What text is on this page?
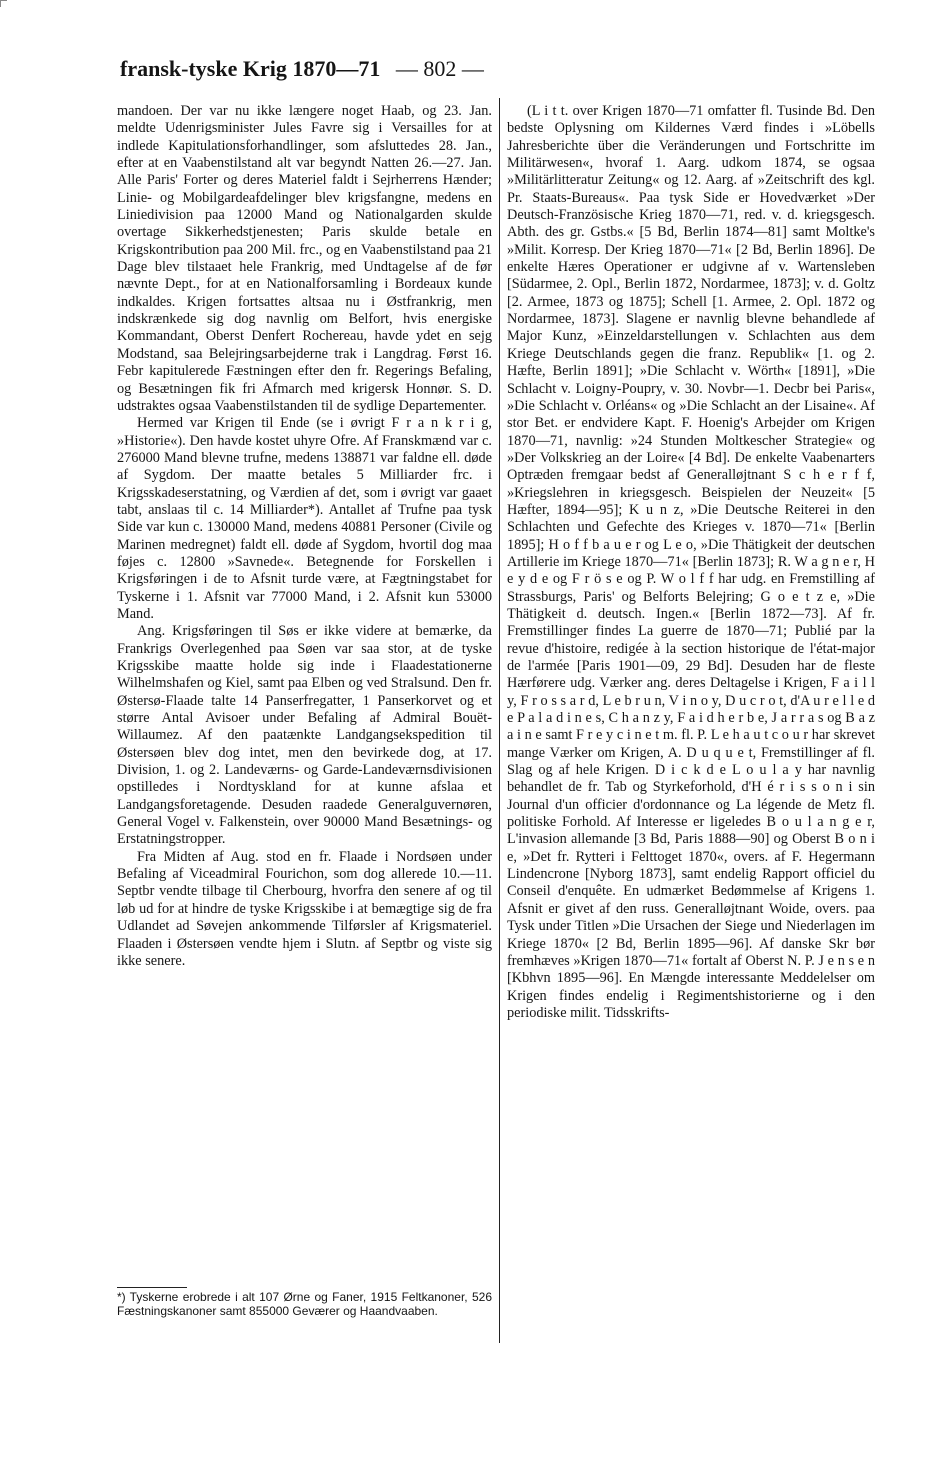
fransk-tyske Krig 1870—71 — 802 —

mandoen. Der var nu ikke længere noget Haab, og 23. Jan. meldte Udenrigsminister Jules Favre sig i Versailles for at indlede Kapitulationsforhandlinger, som afsluttedes 28. Jan., efter at en Vaabenstilstand alt var begyndt Natten 26.—27. Jan. Alle Paris' Forter og deres Materiel faldt i Sejrherrens Hænder; Linie- og Mobilgardeafdelinger blev krigsfangne, medens en Liniedivision paa 12000 Mand og Nationalgarden skulde overtage Sikkerhedstjenesten; Paris skulde betale en Krigskontribution paa 200 Mil. frc., og en Vaabenstilstand paa 21 Dage blev tilstaaet hele Frankrig, med Undtagelse af de før nævnte Dept., for at en Nationalforsamling i Bordeaux kunde indkaldes. Krigen fortsattes altsaa nu i Østfrankrig, men indskrænkede sig dog navnlig om Belfort, hvis energiske Kommandant, Oberst Denfert Rochereau, havde ydet en sejg Modstand, saa Belejringsarbejderne trak i Langdrag. Først 16. Febr kapitulerede Fæstningen efter den fr. Regerings Befaling, og Besætningen fik fri Afmarch med krigersk Honnør. S. D. udstraktes ogsaa Vaabenstilstanden til de sydlige Departementer.

Hermed var Krigen til Ende (se i øvrigt F r a n k r i g, »Historie«). Den havde kostet uhyre Ofre. Af Franskmænd var c. 276000 Mand blevne trufne, medens 138871 var faldne ell. døde af Sygdom. Der maatte betales 5 Milliarder frc. i Krigsskadeserstatning, og Værdien af det, som i øvrigt var gaaet tabt, anslaas til c. 14 Milliarder*). Antallet af Trufne paa tysk Side var kun c. 130000 Mand, medens 40881 Personer (Civile og Marinen medregnet) faldt ell. døde af Sygdom, hvortil dog maa føjes c. 12800 »Savnede«. Betegnende for Forskellen i Krigsføringen i de to Afsnit turde være, at Fægtningstabet for Tyskerne i 1. Afsnit var 77000 Mand, i 2. Afsnit kun 53000 Mand.

Ang. Krigsføringen til Søs er ikke videre at bemærke, da Frankrigs Overlegenhed paa Søen var saa stor, at de tyske Krigsskibe maatte holde sig inde i Flaadestationerne Wilhelmshafen og Kiel, samt paa Elben og ved Stralsund. Den fr. Østersø-Flaade talte 14 Panserfregatter, 1 Panserkorvet og et større Antal Avisoer under Befaling af Admiral Bouët-Willaumez. Af den paatænkte Landgangsekspedition til Østersøen blev dog intet, men den bevirkede dog, at 17. Division, 1. og 2. Landeværns- og Garde-Landeværnsdivisionen opstilledes i Nordtyskland for at kunne afslaa et Landgangsforetagende. Desuden raadede Generalguvernøren, General Vogel v. Falkenstein, over 90000 Mand Besætnings- og Erstatningstropper.

Fra Midten af Aug. stod en fr. Flaade i Nordsøen under Befaling af Viceadmiral Fourichon, som dog allerede 10.—11. Septbr vendte tilbage til Cherbourg, hvorfra den senere af og til løb ud for at hindre de tyske Krigsskibe i at bemægtige sig de fra Udlandet ad Søvejen ankommende Tilførsler af Krigsmateriel. Flaaden i Østersøen vendte hjem i Slutn. af Septbr og viste sig ikke senere.

*) Tyskerne erobrede i alt 107 Ørne og Faner, 1915 Feltkanoner, 526 Fæstningskanoner samt 855000 Geværer og Haandvaaben.

(L i t t. over Krigen 1870—71 omfatter fl. Tusinde Bd. Den bedste Oplysning om Kildernes Værd findes i »Löbells Jahresberichte über die Veränderungen und Fortschritte im Militärwesen«, hvoraf 1. Aarg. udkom 1874, se ogsaa »Militärlitteratur Zeitung« og 12. Aarg. af »Zeitschrift des kgl. Pr. Staats-Bureaus«. Paa tysk Side er Hovedværket »Der Deutsch-Französische Krieg 1870—71, red. v. d. kriegsgesch. Abth. des gr. Gstbs.« [5 Bd, Berlin 1874—81] samt Moltke's »Milit. Korresp. Der Krieg 1870—71« [2 Bd, Berlin 1896]. De enkelte Hæres Operationer er udgivne af v. Wartensleben [Südarmee, 2. Opl., Berlin 1872, Nordarmee, 1873]; v. d. Goltz [2. Armee, 1873 og 1875]; Schell [1. Armee, 2. Opl. 1872 og Nordarmee, 1873]. Slagene er navnlig blevne behandlede af Major Kunz, »Einzeldarstellungen v. Schlachten aus dem Kriege Deutschlands gegen die franz. Republik« [1. og 2. Hæfte, Berlin 1891]; »Die Schlacht v. Wörth« [1891], »Die Schlacht v. Loigny-Poupry, v. 30. Novbr—1. Decbr bei Paris«, »Die Schlacht v. Orléans« og »Die Schlacht an der Lisaine«. Af stor Bet. er endvidere Kapt. F. Hoenig's Arbejder om Krigen 1870—71, navnlig: »24 Stunden Moltkescher Strategie« og »Der Volkskrieg an der Loire« [4 Bd]. De enkelte Vaabenarters Optræden fremgaar bedst af Generalløjtnant S c h e r f f, »Kriegslehren in kriegsgesch. Beispielen der Neuzeit« [5 Hæfter, 1894—95]; K u n z, »Die Deutsche Reiterei in den Schlachten und Gefechte des Krieges v. 1870—71« [Berlin 1895]; H o f f b a u e r og L e o, »Die Thätigkeit der deutschen Artillerie im Kriege 1870—71« [Berlin 1873]; R. W a g n e r, H e y d e og F r ö s e og P. W o l f f har udg. en Fremstilling af Strassburgs, Paris' og Belforts Belejring; G o e t z e, »Die Thätigkeit d. deutsch. Ingen.« [Berlin 1872—73]. Af fr. Fremstillinger findes La guerre de 1870—71; Publié par la revue d'histoire, redigée à la section historique de l'état-major de l'armée [Paris 1901—09, 29 Bd]. Desuden har de fleste Hærførere udg. Værker ang. deres Deltagelse i Krigen, F a i l l y, F r o s s a r d, L e b r u n, V i n o y, D u c r o t, d'A u r e l l e d e P a l a d i n e s, C h a n z y, F a i d h e r b e, J a r r a s og B a z a i n e samt F r e y c i n e t m. fl. P. L e h a u t c o u r har skrevet mange Værker om Krigen, A. D u q u e t, Fremstillinger af fl. Slag og af hele Krigen. D i c k d e L o u l a y har navnlig behandlet de fr. Tab og Styrkeforhold, d'H é r i s s o n i sin Journal d'un officier d'ordonnance og La légende de Metz fl. politiske Forhold. Af Interesse er ligeledes B o u l a n g e r, L'invasion allemande [3 Bd, Paris 1888—90] og Oberst B o n i e, »Det fr. Rytteri i Felttoget 1870«, overs. af F. Hegermann Lindencrone [Nyborg 1873], samt endelig Rapport officiel du Conseil d'enquête. En udmærket Bedømmelse af Krigens 1. Afsnit er givet af den russ. Generalløjtnant Woide, overs. paa Tysk under Titlen »Die Ursachen der Siege und Niederlagen im Kriege 1870« [2 Bd, Berlin 1895—96]. Af danske Skr bør fremhæves »Krigen 1870—71« fortalt af Oberst N. P. J e n s e n [Kbhvn 1895—96]. En Mængde interessante Meddelelser om Krigen findes endelig i Regimentshistorierne og i den periodiske milit. Tidsskrifts-
